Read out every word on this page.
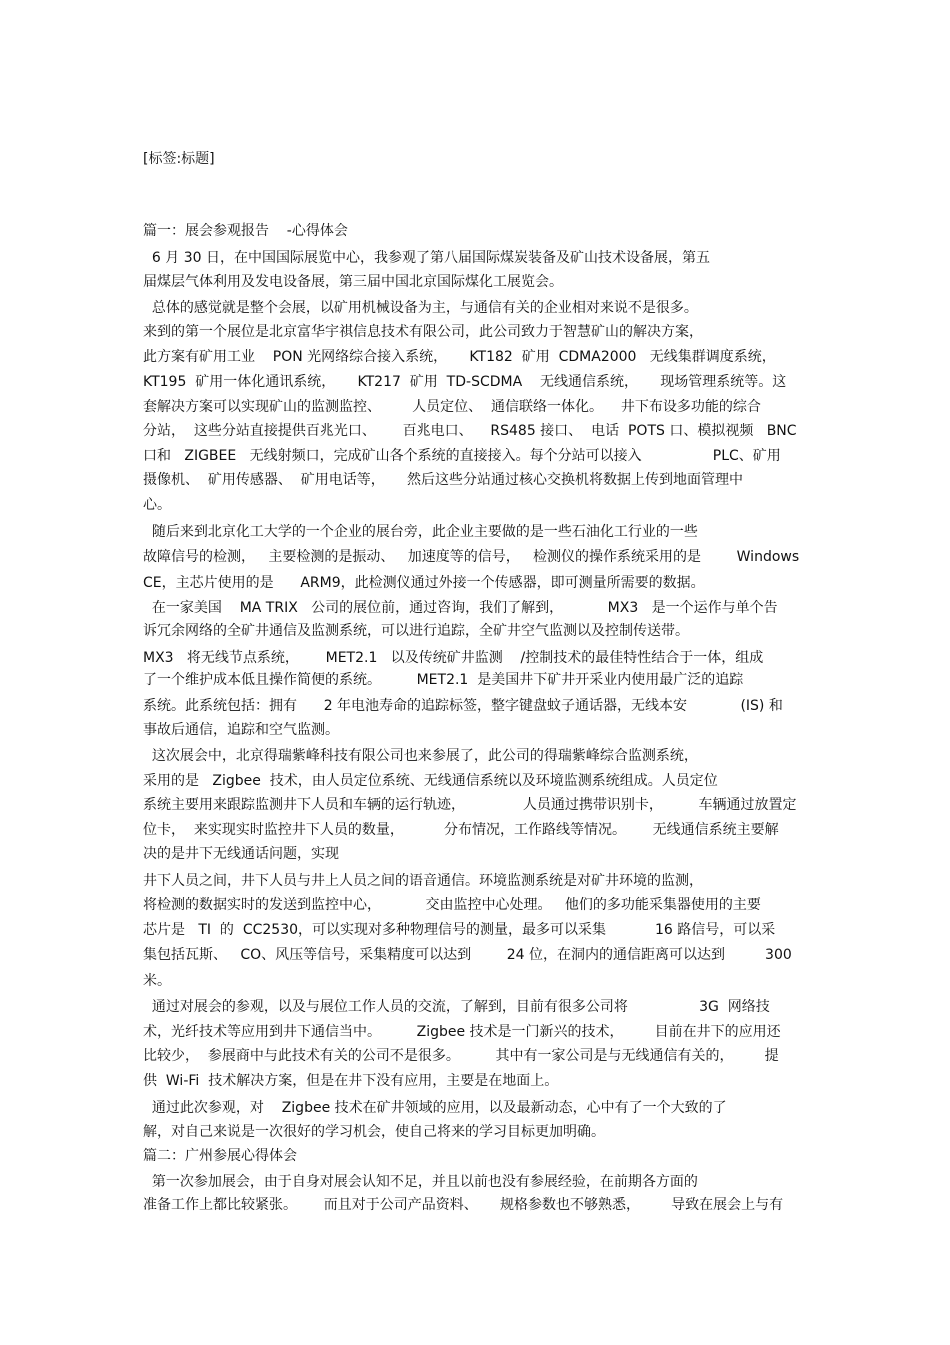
[标签:标题]
篇一：展会参观报告    -心得体会
6 月 30 日，在中国国际展览中心，我参观了第八届国际煤炭装备及矿山技术设备展，第五
届煤层气体利用及发电设备展，第三届中国北京国际煤化工展览会。
总体的感觉就是整个会展，以矿用机械设备为主，与通信有关的企业相对来说不是很多。
来到的第一个展位是北京富华宇祺信息技术有限公司，此公司致力于智慧矿山的解决方案，
此方案有矿用工业    PON 光网络综合接入系统，     KT182  矿用  CDMA2000   无线集群调度系统，
KT195  矿用一体化通讯系统，     KT217  矿用  TD-SCDMA    无线通信系统，     现场管理系统等。这
套解决方案可以实现矿山的监测监控、       人员定位、  通信联络一体化。    井下布设多功能的综合
分站，  这些分站直接提供百兆光口、      百兆电口、    RS485 接口、  电话  POTS 口、模拟视频   BNC
口和   ZIGBEE   无线射频口，完成矿山各个系统的直接接入。每个分站可以接入                PLC、矿用
摄像机、  矿用传感器、  矿用电话等，     然后这些分站通过核心交换机将数据上传到地面管理中
心。
随后来到北京化工大学的一个企业的展台旁，此企业主要做的是一些石油化工行业的一些
故障信号的检测，   主要检测的是振动、   加速度等的信号，   检测仪的操作系统采用的是        Windows
CE，主芯片使用的是      ARM9，此检测仪通过外接一个传感器，即可测量所需要的数据。
在一家美国    MA TRIX   公司的展位前，通过咨询，我们了解到，          MX3   是一个运作与单个告
诉冗余网络的全矿井通信及监测系统，可以进行追踪，全矿井空气监测以及控制传送带。
MX3   将无线节点系统，      MET2.1   以及传统矿井监测    /控制技术的最佳特性结合于一体，组成
了一个维护成本低且操作简便的系统。        MET2.1  是美国井下矿井开采业内使用最广泛的追踪
系统。此系统包括：拥有      2 年电池寿命的追踪标签，整字键盘蚊子通话器，无线本安            (IS) 和
事故后通信，追踪和空气监测。
这次展会中，北京得瑞紫峰科技有限公司也来参展了，此公司的得瑞紫峰综合监测系统，
采用的是   Zigbee  技术，由人员定位系统、无线通信系统以及环境监测系统组成。人员定位
系统主要用来跟踪监测井下人员和车辆的运行轨迹，             人员通过携带识别卡，        车辆通过放置定
位卡，  来实现实时监控井下人员的数量，         分布情况，工作路线等情况。      无线通信系统主要解
决的是井下无线通话问题，实现
井下人员之间，井下人员与井上人员之间的语音通信。环境监测系统是对矿井环境的监测，
将检测的数据实时的发送到监控中心，          交由监控中心处理。   他们的多功能采集器使用的主要
芯片是   TI  的  CC2530，可以实现对多种物理信号的测量，最多可以采集           16 路信号，可以采
集包括瓦斯、   CO、风压等信号，采集精度可以达到        24 位，在洞内的通信距离可以达到         300
米。
通过对展会的参观，以及与展位工作人员的交流，了解到，目前有很多公司将                3G  网络技
术，光纤技术等应用到井下通信当中。        Zigbee 技术是一门新兴的技术，       目前在井下的应用还
比较少，  参展商中与此技术有关的公司不是很多。        其中有一家公司是与无线通信有关的，       提
供  Wi-Fi  技术解决方案，但是在井下没有应用，主要是在地面上。
通过此次参观，对    Zigbee 技术在矿井领域的应用，以及最新动态，心中有了一个大致的了
解，对自己来说是一次很好的学习机会，使自己将来的学习目标更加明确。
篇二：广州参展心得体会
第一次参加展会，由于自身对展会认知不足，并且以前也没有参展经验，在前期各方面的
准备工作上都比较紧张。      而且对于公司产品资料、     规格参数也不够熟悉，       导致在展会上与有
